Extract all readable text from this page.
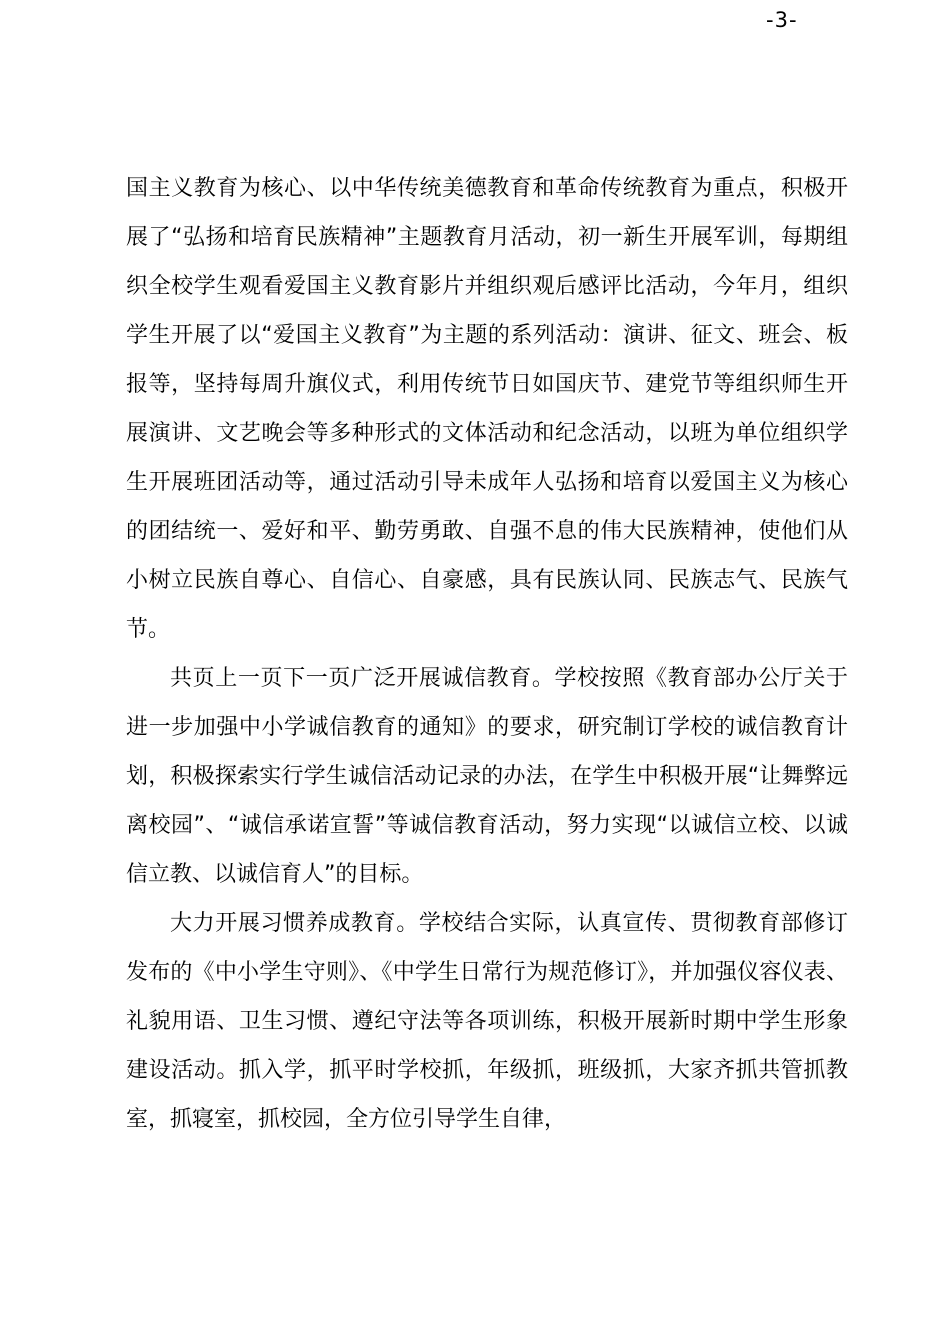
-3-

国主义教育为核心、以中华传统美德教育和革命传统教育为重点，积极开展了“弘扬和培育民族精神”主题教育月活动，初一新生开展军训，每期组织全校学生观看爱国主义教育影片并组织观后感评比活动，今年月，组织学生开展了以“爱国主义教育”为主题的系列活动：演讲、征文、班会、板报等，坚持每周升旗仪式，利用传统节日如国庆节、建党节等组织师生开展演讲、文艺晚会等多种形式的文体活动和纪念活动，以班为单位组织学生开展班团活动等，通过活动引导未成年人弘扬和培育以爱国主义为核心的团结统一、爱好和平、勤劳勇敢、自强不息的伟大民族精神，使他们从小树立民族自尊心、自信心、自豪感，具有民族认同、民族志气、民族气节。

共页上一页下一页广泛开展诚信教育。学校按照《教育部办公厅关于进一步加强中小学诚信教育的通知》的要求，研究制订学校的诚信教育计划，积极探索实行学生诚信活动记录的办法，在学生中积极开展“让舞弊远离校园”、“诚信承诺宣誓”等诚信教育活动，努力实现“以诚信立校、以诚信立教、以诚信育人”的目标。

大力开展习惯养成教育。学校结合实际，认真宣传、贯彻教育部修订发布的《中小学生守则》、《中学生日常行为规范修订》，并加强仪容仪表、礼貌用语、卫生习惯、遵纪守法等各项训练，积极开展新时期中学生形象建设活动。抓入学，抓平时学校抓，年级抓，班级抓，大家齐抓共管抓教室，抓寝室，抓校园，全方位引导学生自律，
